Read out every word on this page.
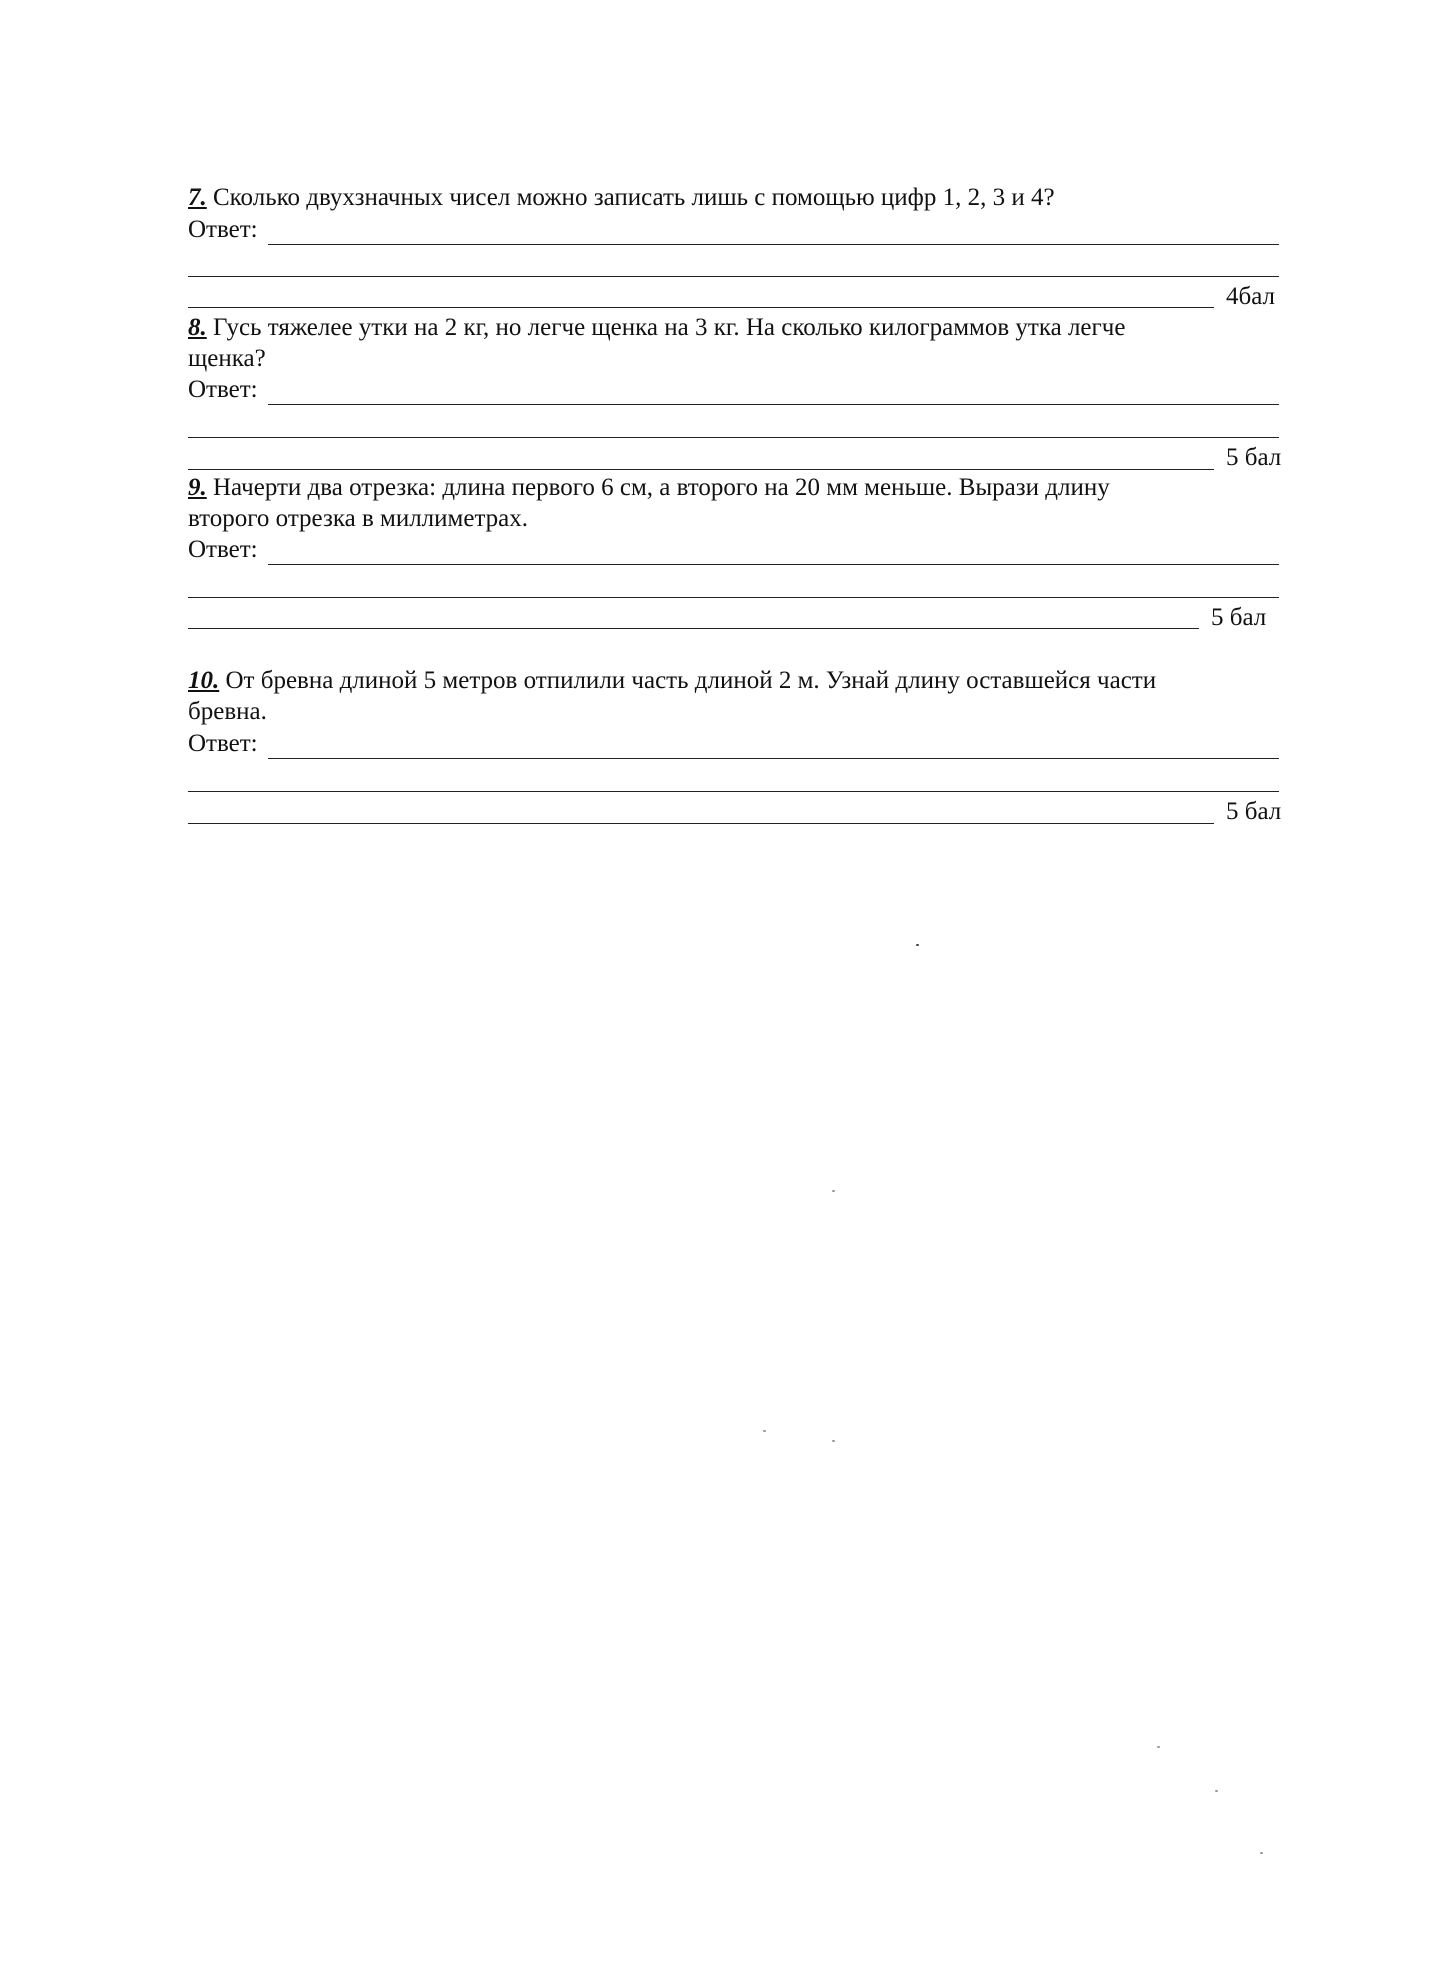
7. Сколько двухзначных чисел можно записать лишь с помощью цифр 1, 2, 3 и 4?
Ответ:
4бал
8. Гусь тяжелее утки на 2 кг, но легче щенка на 3 кг. На сколько килограммов утка легче
щенка?
Ответ:
5 бал
9. Начерти два отрезка: длина первого 6 см, а второго на 20 мм меньше. Вырази длину
второго отрезка в миллиметрах.
Ответ:
5 бал
10. От бревна длиной 5 метров отпилили часть длиной 2 м. Узнай длину оставшейся части
бревна.
Ответ:
5 бал
